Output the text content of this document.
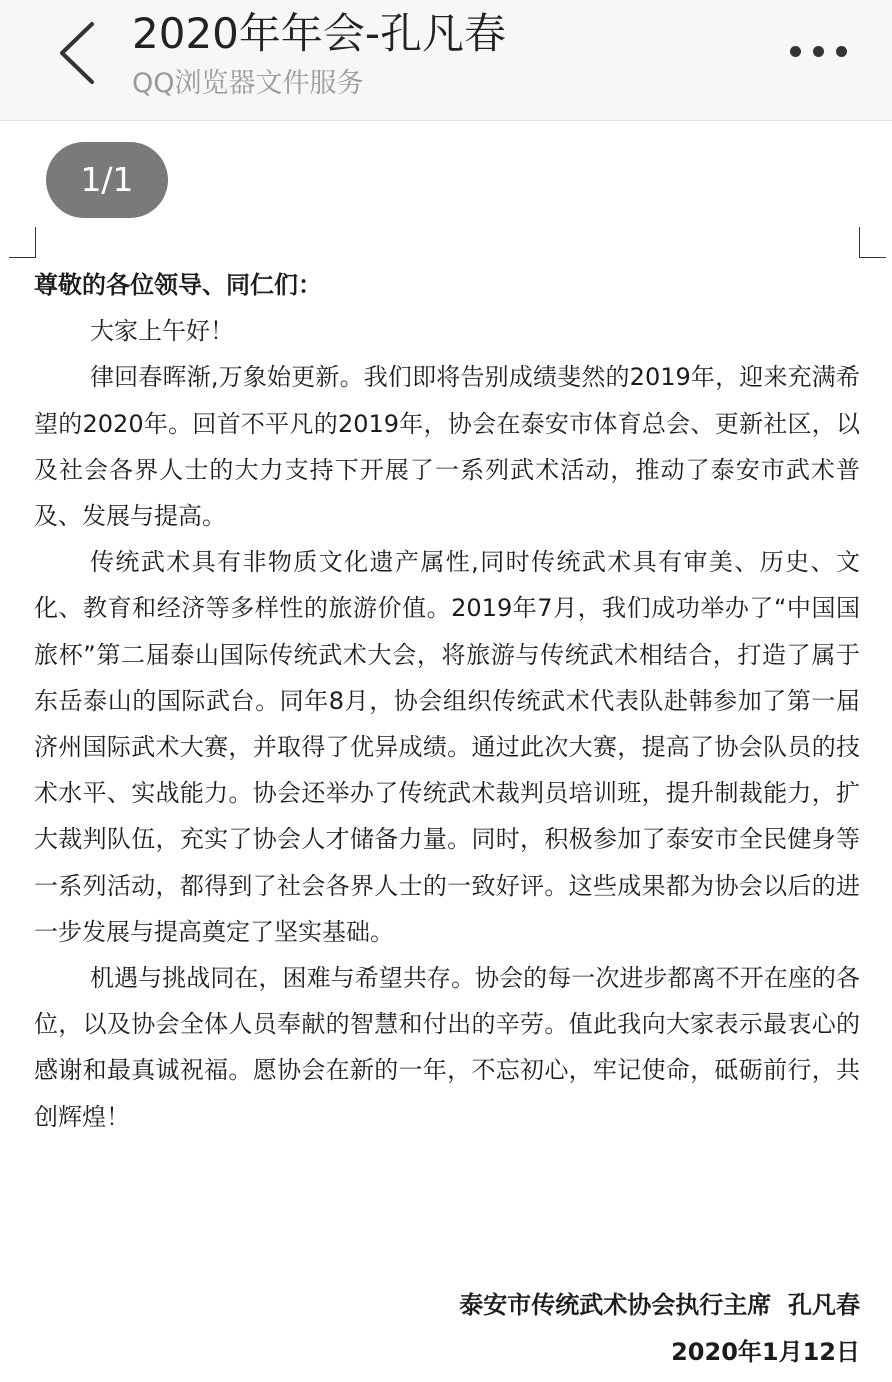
2020年年会-孔凡春
QQ浏览器文件服务
1/1

尊敬的各位领导、同仁们：

大家上午好！

律回春晖渐,万象始更新。我们即将告别成绩斐然的2019年，迎来充满希望的2020年。回首不平凡的2019年，协会在泰安市体育总会、更新社区，以及社会各界人士的大力支持下开展了一系列武术活动，推动了泰安市武术普及、发展与提高。

传统武术具有非物质文化遗产属性,同时传统武术具有审美、历史、文化、教育和经济等多样性的旅游价值。2019年7月，我们成功举办了“中国国旅杯”第二届泰山国际传统武术大会，将旅游与传统武术相结合，打造了属于东岳泰山的国际武台。同年8月，协会组织传统武术代表队赴韩参加了第一届济州国际武术大赛，并取得了优异成绩。通过此次大赛，提高了协会队员的技术水平、实战能力。协会还举办了传统武术裁判员培训班，提升制裁能力，扩大裁判队伍，充实了协会人才储备力量。同时，积极参加了泰安市全民健身等一系列活动，都得到了社会各界人士的一致好评。这些成果都为协会以后的进一步发展与提高奠定了坚实基础。

机遇与挑战同在，困难与希望共存。协会的每一次进步都离不开在座的各位，以及协会全体人员奉献的智慧和付出的辛劳。值此我向大家表示最衷心的感谢和最真诚祝福。愿协会在新的一年，不忘初心，牢记使命，砥砺前行，共创辉煌！

泰安市传统武术协会执行主席  孔凡春
2020年1月12日
